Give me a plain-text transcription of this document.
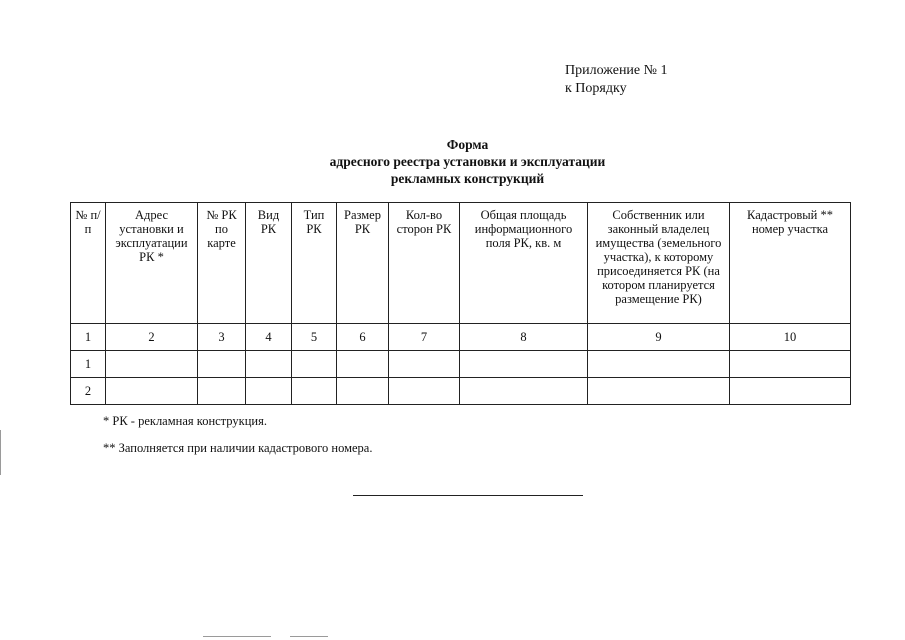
Приложение № 1
к Порядку
Форма
адресного реестра установки и эксплуатации
рекламных конструкций
№ п/п	Адрес установки и эксплуатации РК *	№ РК по карте	Вид РК	Тип РК	Размер РК	Кол-во сторон РК	Общая площадь информационного поля РК, кв. м	Собственник или законный владелец имущества (земельного участка), к которому присоединяется РК (на котором планируется размещение РК)	Кадастровый ** номер участка
1	2	3	4	5	6	7	8	9	10
1									
2									
* РК - рекламная конструкция.
** Заполняется при наличии кадастрового номера.
